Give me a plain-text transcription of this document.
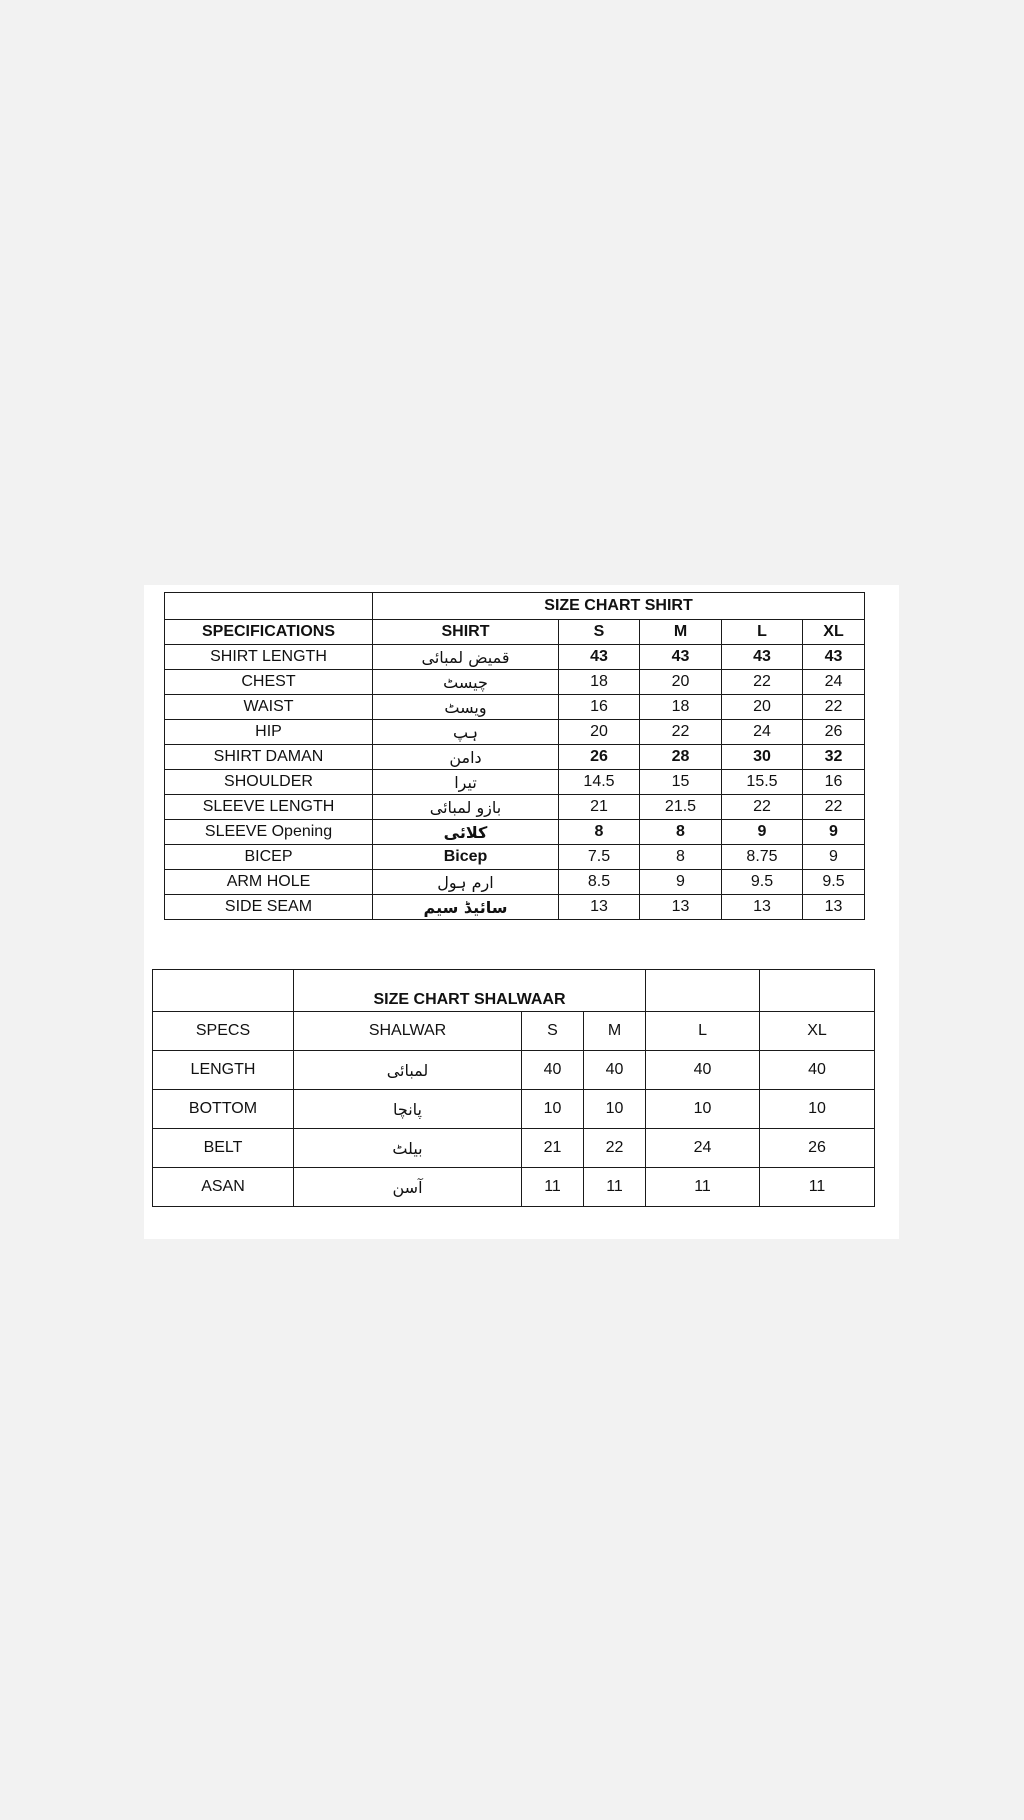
	SIZE CHART SHIRT				
SPECIFICATIONS	SHIRT	S	M	L	XL
SHIRT LENGTH	قمیض لمبائی	43	43	43	43
CHEST	چیسٹ	18	20	22	24
WAIST	ویسٹ	16	18	20	22
HIP	ہپ	20	22	24	26
SHIRT DAMAN	دامن	26	28	30	32
SHOULDER	تیرا	14.5	15	15.5	16
SLEEVE LENGTH	بازو لمبائی	21	21.5	22	22
SLEEVE Opening	کلائی	8	8	9	9
BICEP	Bicep	7.5	8	8.75	9
ARM HOLE	ارم ہول	8.5	9	9.5	9.5
SIDE SEAM	سائیڈ سیم	13	13	13	13
	SIZE CHART SHALWAAR				
SPECS	SHALWAR	S	M	L	XL
LENGTH	لمبائی	40	40	40	40
BOTTOM	پانچا	10	10	10	10
BELT	بیلٹ	21	22	24	26
ASAN	آسن	11	11	11	11
